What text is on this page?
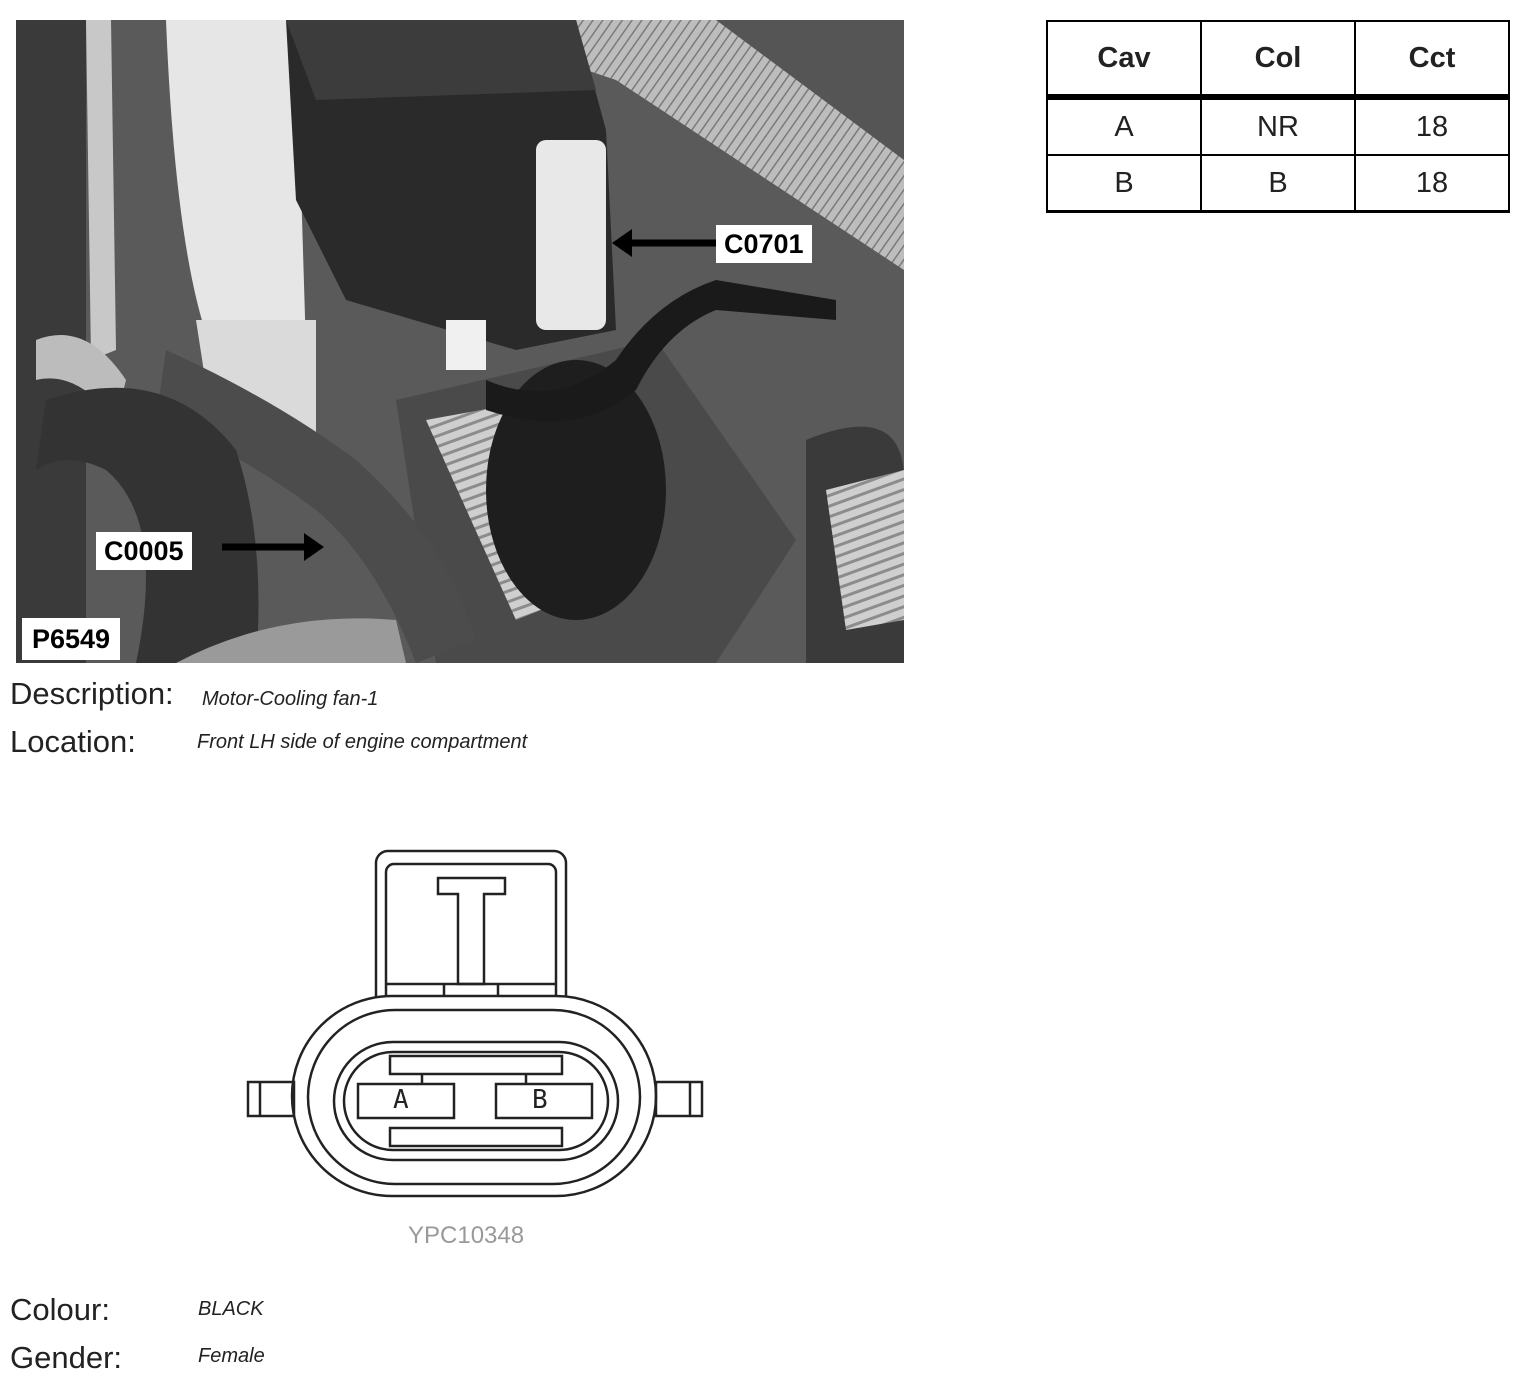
C0701
C0005
P6549
Cav	Col	Cct
A	NR	18
B	B	18
Description: Motor-Cooling fan-1
Location:	Front LH side of engine compartment
A	B
YPC10348
Colour:	BLACK
Gender:	Female
